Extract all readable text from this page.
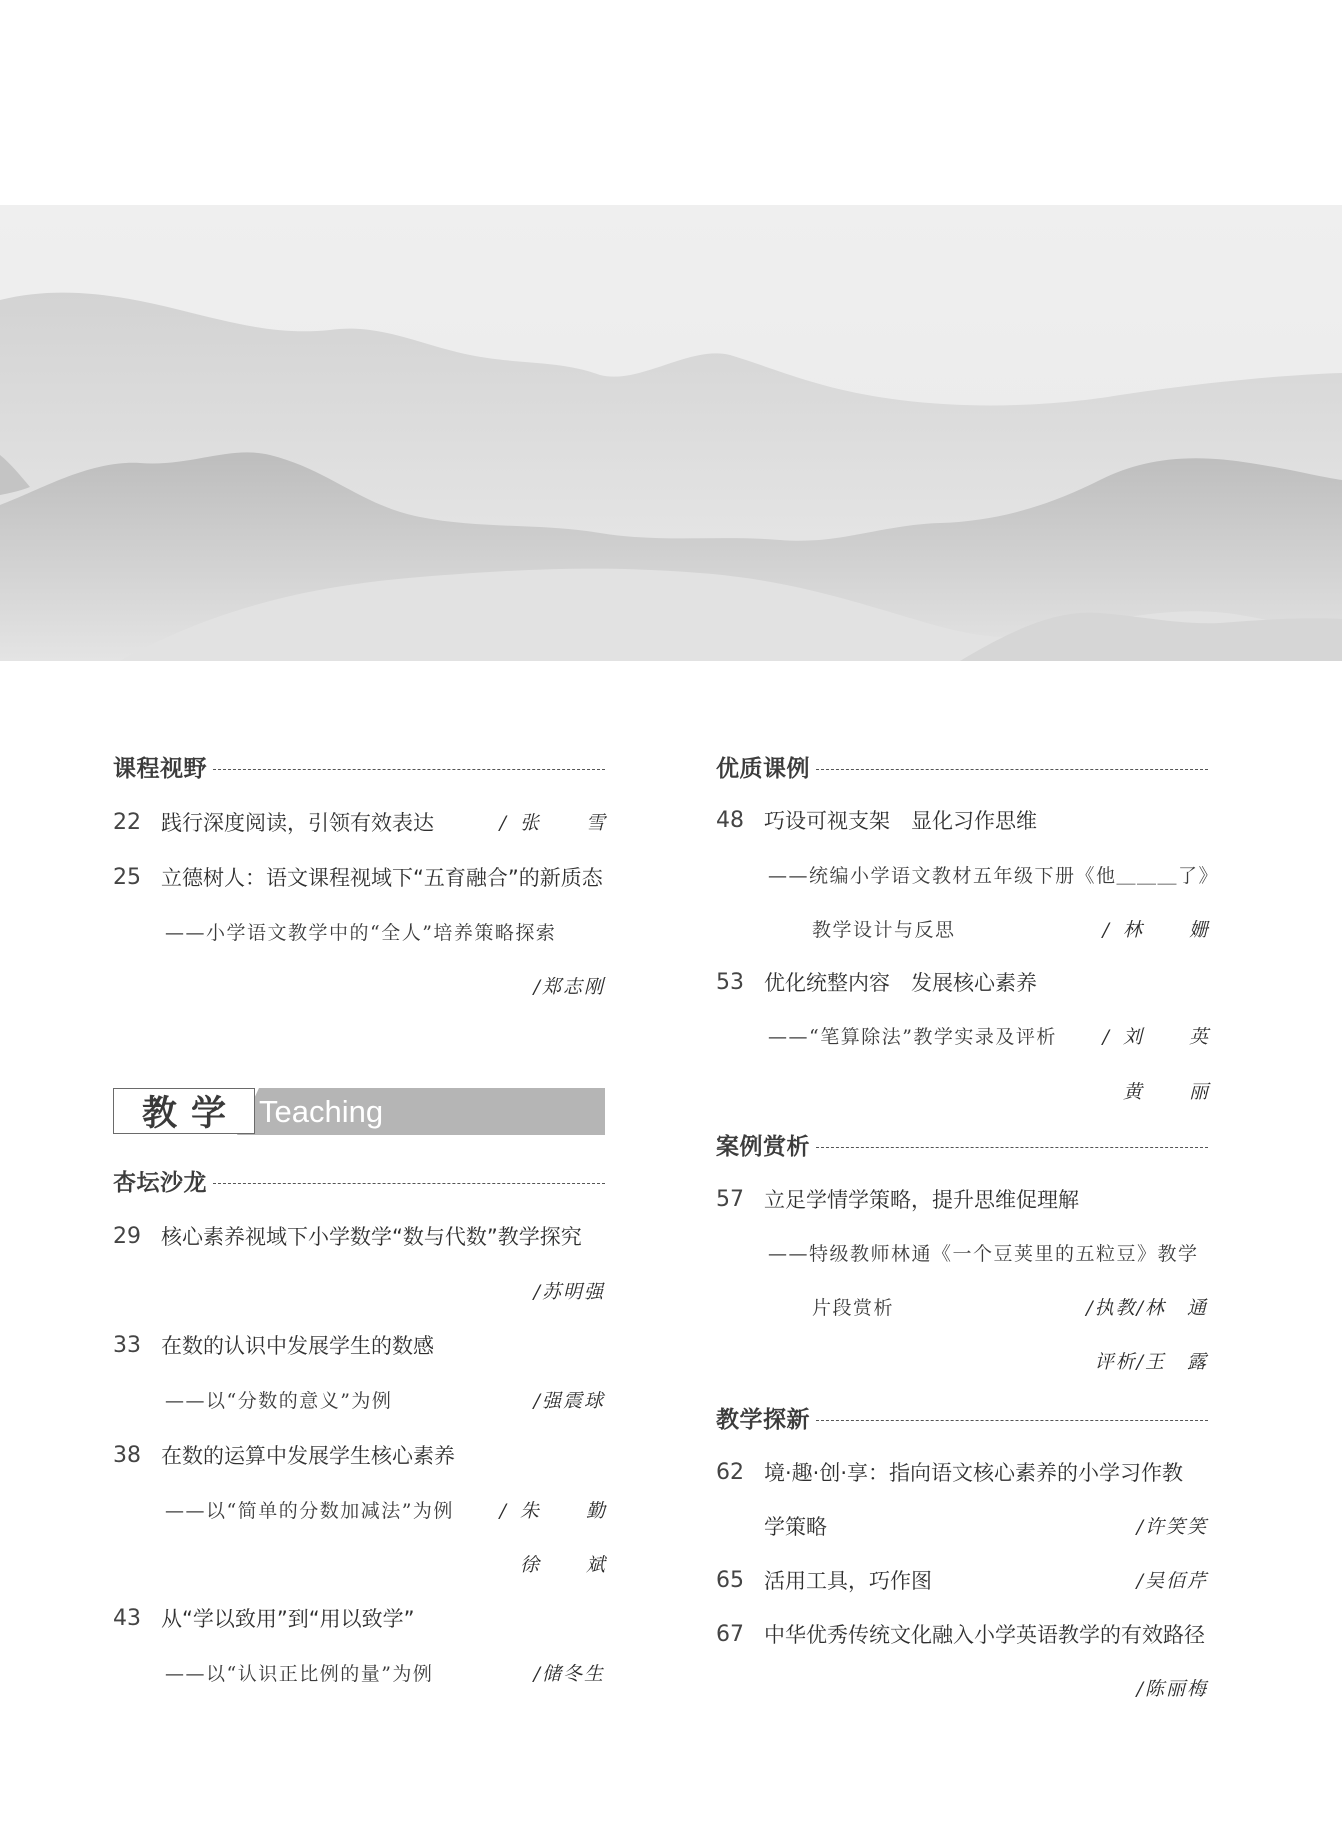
课程视野
22 践行深度阅读，引领有效表达	/张　雪
25 立德树人：语文课程视域下“五育融合”的新质态
——小学语文教学中的“全人”培养策略探索
/郑志刚
教学 Teaching
杏坛沙龙
29 核心素养视域下小学数学“数与代数”教学探究
/苏明强
33 在数的认识中发展学生的数感
——以“分数的意义”为例	/强震球
38 在数的运算中发展学生核心素养
——以“简单的分数加减法”为例 /朱　勤
徐　斌
43 从“学以致用”到“用以致学”
——以“认识正比例的量”为例	/储冬生
优质课例
48 巧设可视支架　显化习作思维
——统编小学语文教材五年级下册《他＿＿＿了》
教学设计与反思	/林　姗
53 优化统整内容　发展核心素养
——“笔算除法”教学实录及评析 /刘　英
黄　丽
案例赏析
57 立足学情学策略，提升思维促理解
——特级教师林通《一个豆荚里的五粒豆》教学
片段赏析	/执教/林　通
评析/王　露
教学探新
62 境·趣·创·享：指向语文核心素养的小学习作教
学策略	/许笑笑
65 活用工具，巧作图	/吴佰芹
67 中华优秀传统文化融入小学英语教学的有效路径
/陈丽梅
